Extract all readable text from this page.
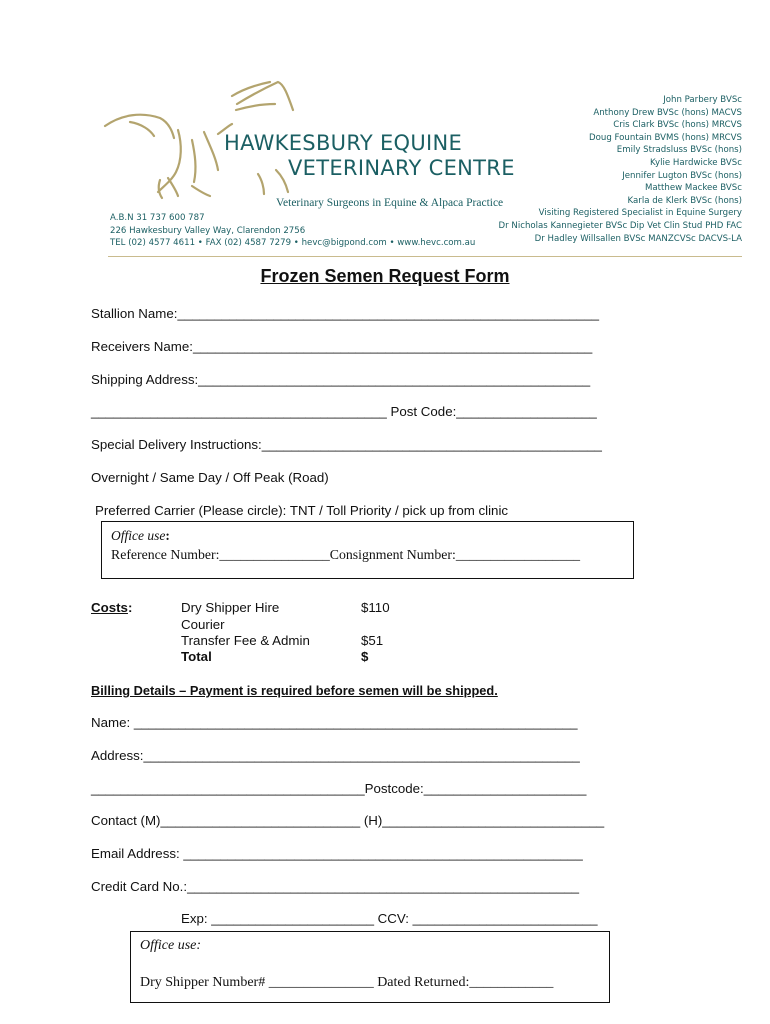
HAWKESBURY EQUINE
VETERINARY CENTRE
Veterinary Surgeons in Equine & Alpaca Practice
A.B.N 31 737 600 787
226 Hawkesbury Valley Way, Clarendon 2756
TEL (02) 4577 4611 • FAX (02) 4587 7279 • hevc@bigpond.com • www.hevc.com.au
John Parbery BVSc
Anthony Drew BVSc (hons) MACVS
Cris Clark BVSc (hons) MRCVS
Doug Fountain BVMS (hons) MRCVS
Emily Stradsluss BVSc (hons)
Kylie Hardwicke BVSc
Jennifer Lugton BVSc (hons)
Matthew Mackee BVSc
Karla de Klerk BVSc (hons)
Visiting Registered Specialist in Equine Surgery
Dr Nicholas Kannegieter BVSc Dip Vet Clin Stud PHD FAC
Dr Hadley Willsallen BVSc MANZCVSc DACVS-LA
Frozen Semen Request Form
Stallion Name:_________________________________________________________
Receivers Name:______________________________________________________
Shipping Address:_____________________________________________________
________________________________________ Post Code:___________________
Special Delivery Instructions:______________________________________________
Overnight / Same Day / Off Peak (Road)
Preferred Carrier (Please circle): TNT / Toll Priority / pick up from clinic
Office use:
Reference Number:________________Consignment Number:__________________
Costs:	Dry Shipper Hire	$110
Courier
Transfer Fee & Admin	$51
Total	$
Billing Details – Payment is required before semen will be shipped.
Name: ____________________________________________________________
Address:___________________________________________________________
_____________________________________Postcode:______________________
Contact (M)___________________________ (H)______________________________
Email Address: ______________________________________________________
Credit Card No.:_____________________________________________________
Exp: ______________________ CCV: _________________________
Office use:
Dry Shipper Number# _______________ Dated Returned:____________
